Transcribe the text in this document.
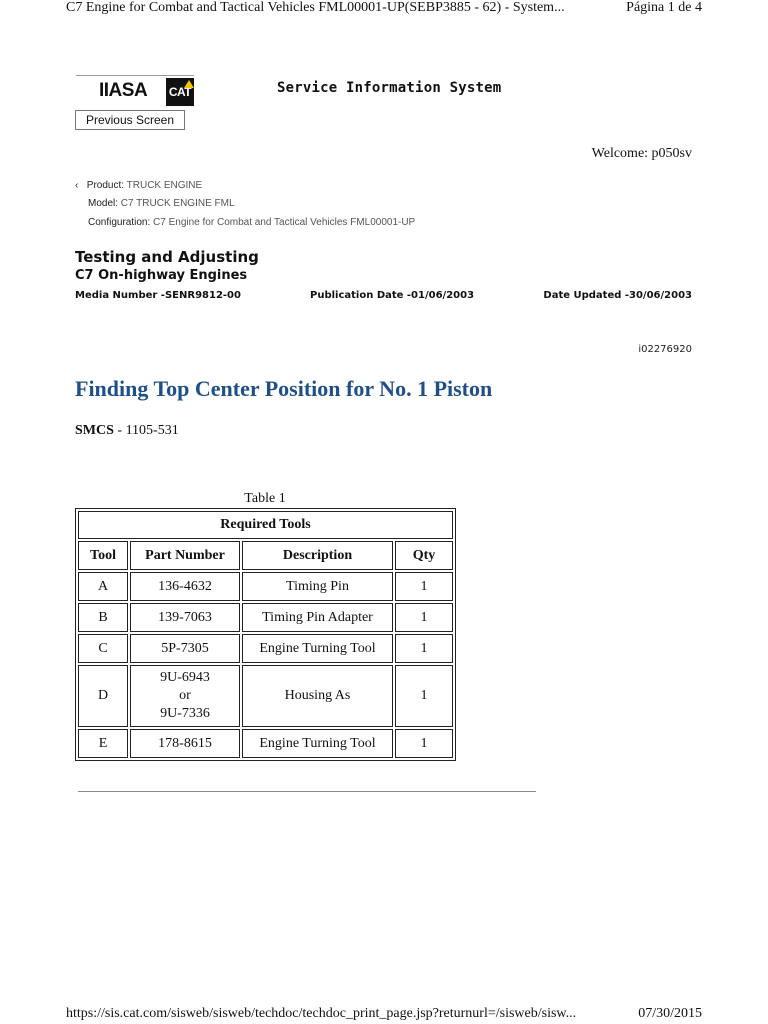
C7 Engine for Combat and Tactical Vehicles FML00001-UP(SEBP3885 - 62) - System...	Página 1 de 4
IIASA CAT	Service Information System
Previous Screen
Welcome: p050sv
‹ Product: TRUCK ENGINE
Model: C7 TRUCK ENGINE FML
Configuration: C7 Engine for Combat and Tactical Vehicles FML00001-UP
Testing and Adjusting
C7 On-highway Engines
Media Number -SENR9812-00	Publication Date -01/06/2003	Date Updated -30/06/2003
i02276920
Finding Top Center Position for No. 1 Piston
SMCS - 1105-531
Table 1
Required Tools			
Tool	Part Number	Description	Qty
A	136-4632	Timing Pin	1
B	139-7063	Timing Pin Adapter	1
C	5P-7305	Engine Turning Tool	1
D	9U-6943
or
9U-7336	Housing As	1
E	178-8615	Engine Turning Tool	1
https://sis.cat.com/sisweb/sisweb/techdoc/techdoc_print_page.jsp?returnurl=/sisweb/sisw...	07/30/2015
